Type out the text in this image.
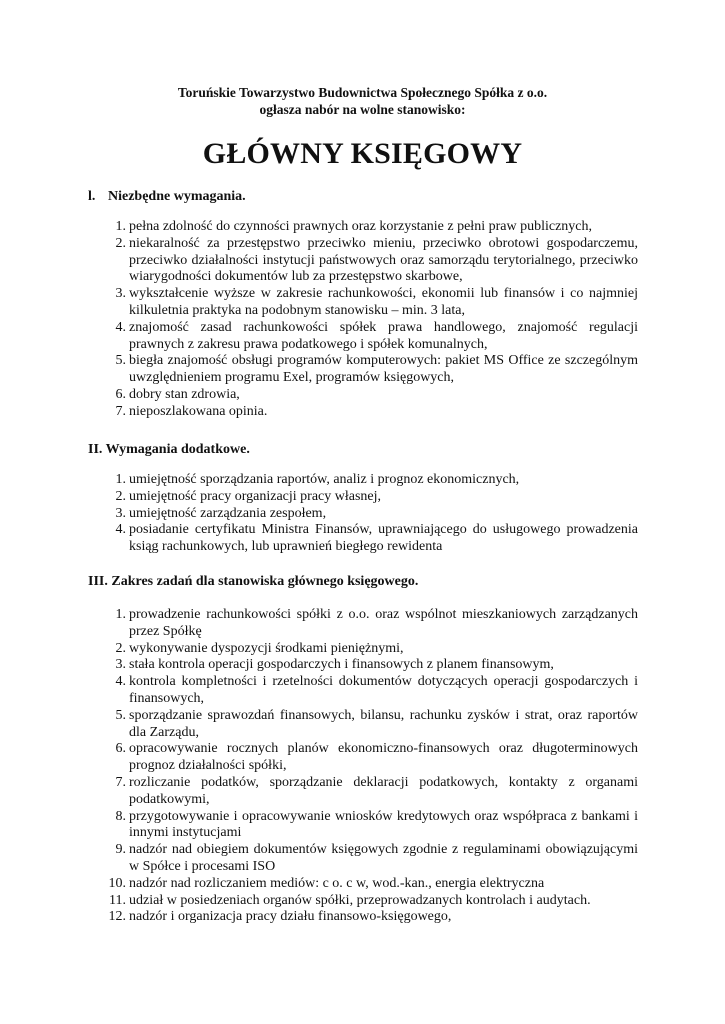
Toruńskie Towarzystwo Budownictwa Społecznego Spółka z o.o.
ogłasza nabór na wolne stanowisko:
GŁÓWNY KSIĘGOWY
l. Niezbędne wymagania.
1. pełna zdolność do czynności prawnych oraz korzystanie z pełni praw publicznych,
2. niekaralność za przestępstwo przeciwko mieniu, przeciwko obrotowi gospodarczemu, przeciwko działalności instytucji państwowych oraz samorządu terytorialnego, przeciwko wiarygodności dokumentów lub za przestępstwo skarbowe,
3. wykształcenie wyższe w zakresie rachunkowości, ekonomii lub finansów i co najmniej kilkuletnia praktyka na podobnym stanowisku – min. 3 lata,
4. znajomość zasad rachunkowości spółek prawa handlowego, znajomość regulacji prawnych z zakresu prawa podatkowego i spółek komunalnych,
5. biegła znajomość obsługi programów komputerowych: pakiet MS Office ze szczególnym uwzględnieniem programu Exel, programów księgowych,
6. dobry stan zdrowia,
7. nieposzlakowana opinia.
II. Wymagania dodatkowe.
1. umiejętność sporządzania raportów, analiz i prognoz ekonomicznych,
2. umiejętność pracy organizacji pracy własnej,
3. umiejętność zarządzania zespołem,
4. posiadanie certyfikatu Ministra Finansów, uprawniającego do usługowego prowadzenia ksiąg rachunkowych, lub uprawnień biegłego rewidenta
III. Zakres zadań dla stanowiska głównego księgowego.
1. prowadzenie rachunkowości spółki z o.o. oraz wspólnot mieszkaniowych zarządzanych przez Spółkę
2. wykonywanie dyspozycji środkami pieniężnymi,
3. stała kontrola operacji gospodarczych i finansowych z planem finansowym,
4. kontrola kompletności i rzetelności dokumentów dotyczących operacji gospodarczych i finansowych,
5. sporządzanie sprawozdań finansowych, bilansu, rachunku zysków i strat, oraz raportów dla Zarządu,
6. opracowywanie rocznych planów ekonomiczno-finansowych oraz długoterminowych prognoz działalności spółki,
7. rozliczanie podatków, sporządzanie deklaracji podatkowych, kontakty z organami podatkowymi,
8. przygotowywanie i opracowywanie wniosków kredytowych oraz współpraca z bankami i innymi instytucjami
9. nadzór nad obiegiem dokumentów księgowych zgodnie z regulaminami obowiązującymi w Spółce i procesami ISO
10. nadzór nad rozliczaniem mediów: c o. c w, wod.-kan., energia elektryczna
11. udział w posiedzeniach organów spółki, przeprowadzanych kontrolach i audytach.
12. nadzór i organizacja pracy działu finansowo-księgowego,
